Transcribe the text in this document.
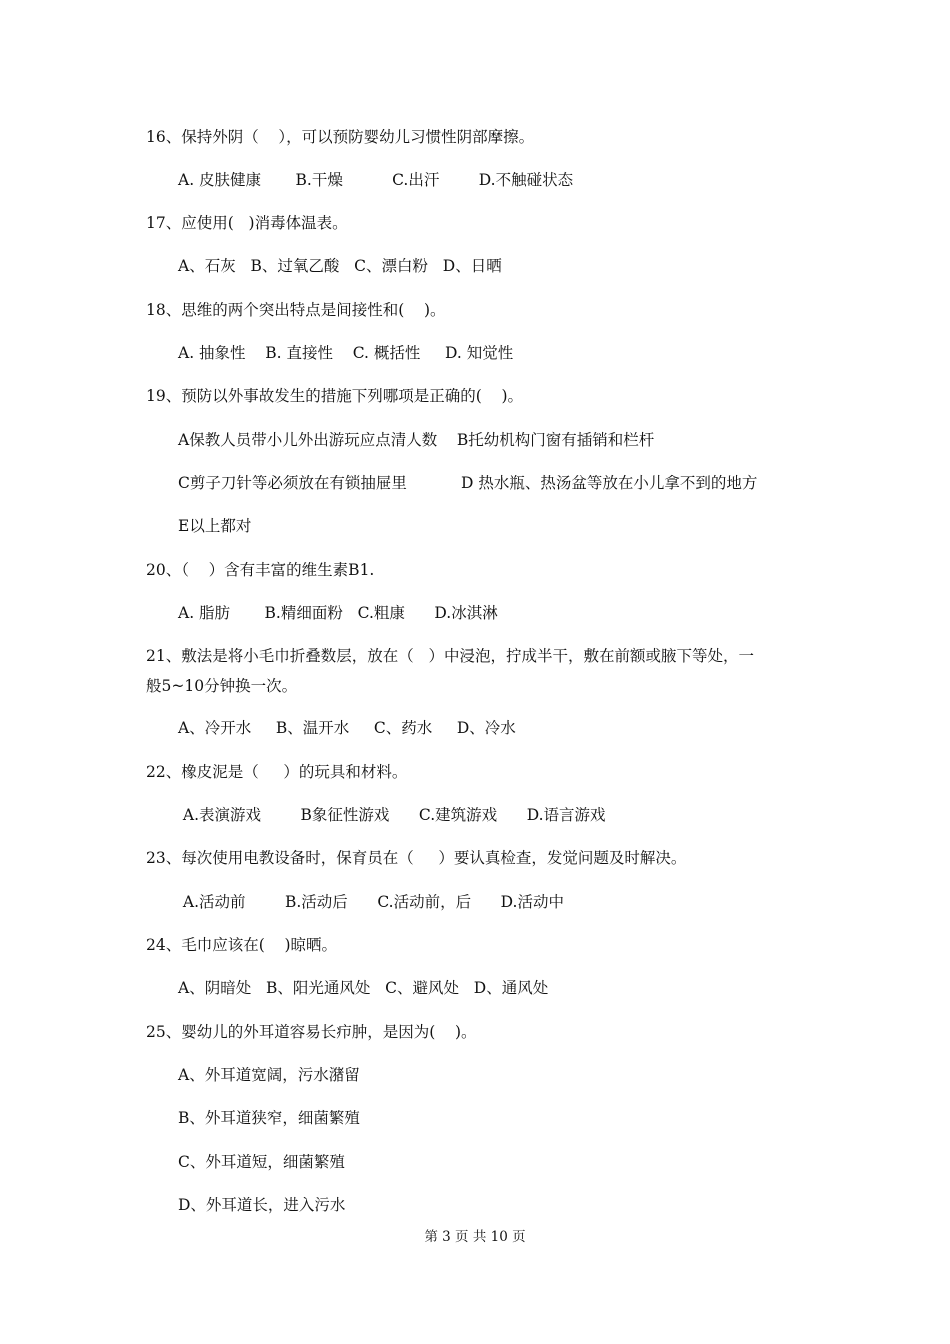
16、保持外阴（    ），可以预防婴幼儿习惯性阴部摩擦。
A. 皮肤健康       B.干燥          C.出汗        D.不触碰状态
17、应使用(   )消毒体温表。
A、石灰   B、过氧乙酸   C、漂白粉   D、日晒
18、思维的两个突出特点是间接性和(    )。
A. 抽象性    B. 直接性    C. 概括性     D. 知觉性
19、预防以外事故发生的措施下列哪项是正确的(    )。
A保教人员带小儿外出游玩应点清人数    B托幼机构门窗有插销和栏杆
C剪子刀针等必须放在有锁抽屉里           D 热水瓶、热汤盆等放在小儿拿不到的地方
E以上都对
20、（    ）含有丰富的维生素B1.
A. 脂肪       B.精细面粉   C.粗康      D.冰淇淋
21、敷法是将小毛巾折叠数层，放在（   ）中浸泡，拧成半干，敷在前额或腋下等处，一
般5~10分钟换一次。
A、冷开水     B、温开水     C、药水     D、冷水
22、橡皮泥是（     ）的玩具和材料。
A.表演游戏        B象征性游戏      C.建筑游戏      D.语言游戏
23、每次使用电教设备时，保育员在（     ）要认真检查，发觉问题及时解决。
A.活动前        B.活动后      C.活动前，后      D.活动中
24、毛巾应该在(    )晾晒。
A、阴暗处   B、阳光通风处   C、避风处   D、通风处
25、婴幼儿的外耳道容易长疖肿，是因为(    )。
A、外耳道宽阔，污水潴留
B、外耳道狭窄，细菌繁殖
C、外耳道短，细菌繁殖
D、外耳道长，进入污水
第 3 页 共 10 页
